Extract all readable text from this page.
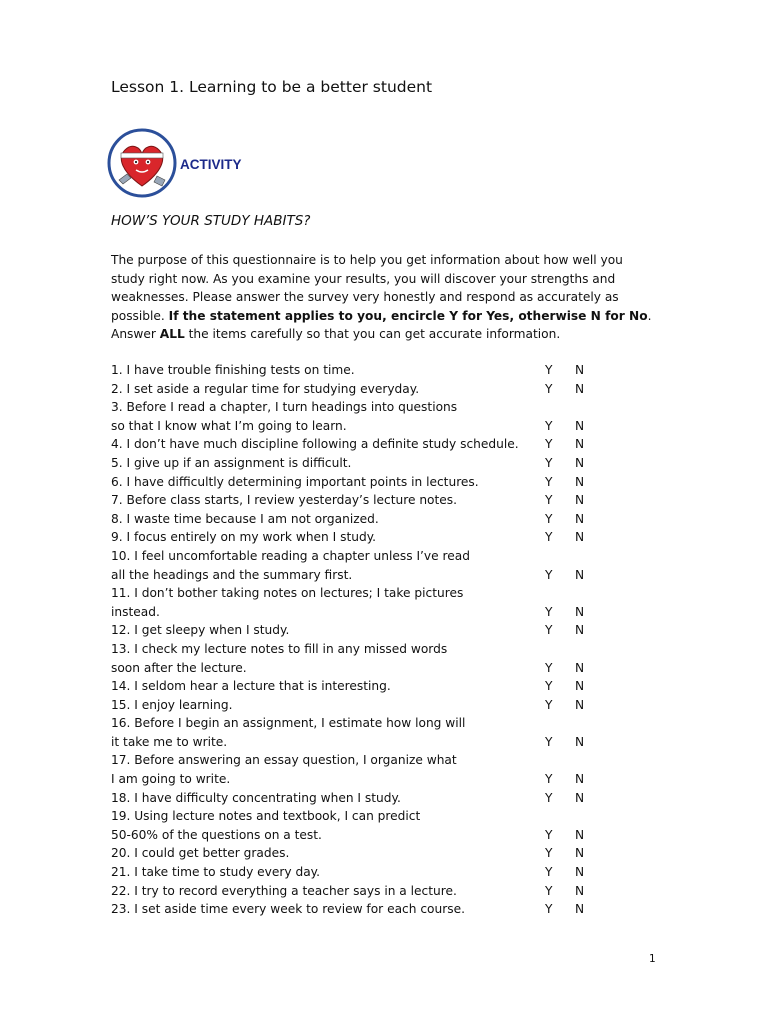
Lesson 1. Learning to be a better student
ACTIVITY
HOW’S YOUR STUDY HABITS?

The purpose of this questionnaire is to help you get information about how well you study right now. As you examine your results, you will discover your strengths and weaknesses. Please answer the survey very honestly and respond as accurately as possible. If the statement applies to you, encircle Y for Yes, otherwise N for No. Answer ALL the items carefully so that you can get accurate information.

1. I have trouble finishing tests on time.	Y	N
2. I set aside a regular time for studying everyday.	Y	N
3. Before I read a chapter, I turn headings into questions
so that I know what I’m going to learn.	Y	N
4. I don’t have much discipline following a definite study schedule.	Y	N
5. I give up if an assignment is difficult.	Y	N
6. I have difficultly determining important points in lectures.	Y	N
7. Before class starts, I review yesterday’s lecture notes.	Y	N
8. I waste time because I am not organized.	Y	N
9. I focus entirely on my work when I study.	Y	N
10. I feel uncomfortable reading a chapter unless I’ve read
all the headings and the summary first.	Y	N
11. I don’t bother taking notes on lectures; I take pictures
instead.	Y	N
12. I get sleepy when I study.	Y	N
13. I check my lecture notes to fill in any missed words
soon after the lecture.	Y	N
14. I seldom hear a lecture that is interesting.	Y	N
15. I enjoy learning.	Y	N
16. Before I begin an assignment, I estimate how long will
it take me to write.	Y	N
17. Before answering an essay question, I organize what
I am going to write.	Y	N
18. I have difficulty concentrating when I study.	Y	N
19. Using lecture notes and textbook, I can predict
50-60% of the questions on a test.	Y	N
20. I could get better grades.	Y	N
21. I take time to study every day.	Y	N
22. I try to record everything a teacher says in a lecture.	Y	N
23. I set aside time every week to review for each course.	Y	N
1
